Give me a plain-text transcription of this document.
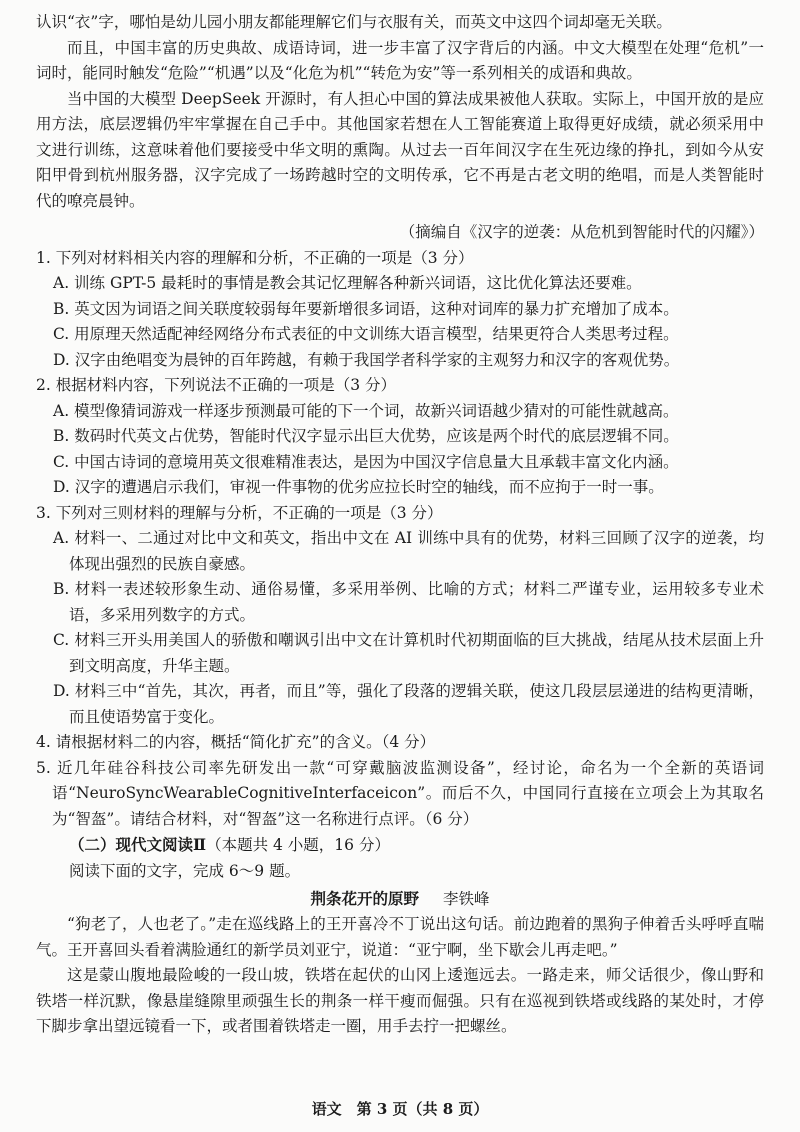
认识“衣”字，哪怕是幼儿园小朋友都能理解它们与衣服有关，而英文中这四个词却毫无关联。

而且，中国丰富的历史典故、成语诗词，进一步丰富了汉字背后的内涵。中文大模型在处理“危机”一词时，能同时触发“危险”“机遇”以及“化危为机”“转危为安”等一系列相关的成语和典故。

当中国的大模型 DeepSeek 开源时，有人担心中国的算法成果被他人获取。实际上，中国开放的是应用方法，底层逻辑仍牢牢掌握在自己手中。其他国家若想在人工智能赛道上取得更好成绩，就必须采用中文进行训练，这意味着他们要接受中华文明的熏陶。从过去一百年间汉字在生死边缘的挣扎，到如今从安阳甲骨到杭州服务器，汉字完成了一场跨越时空的文明传承，它不再是古老文明的绝唱，而是人类智能时代的嘹亮晨钟。

（摘编自《汉字的逆袭：从危机到智能时代的闪耀》）

1. 下列对材料相关内容的理解和分析，不正确的一项是（3 分）

A. 训练 GPT-5 最耗时的事情是教会其记忆理解各种新兴词语，这比优化算法还要难。

B. 英文因为词语之间关联度较弱每年要新增很多词语，这种对词库的暴力扩充增加了成本。

C. 用原理天然适配神经网络分布式表征的中文训练大语言模型，结果更符合人类思考过程。

D. 汉字由绝唱变为晨钟的百年跨越，有赖于我国学者科学家的主观努力和汉字的客观优势。

2. 根据材料内容，下列说法不正确的一项是（3 分）

A. 模型像猜词游戏一样逐步预测最可能的下一个词，故新兴词语越少猜对的可能性就越高。

B. 数码时代英文占优势，智能时代汉字显示出巨大优势，应该是两个时代的底层逻辑不同。

C. 中国古诗词的意境用英文很难精准表达，是因为中国汉字信息量大且承载丰富文化内涵。

D. 汉字的遭遇启示我们，审视一件事物的优劣应拉长时空的轴线，而不应拘于一时一事。

3. 下列对三则材料的理解与分析，不正确的一项是（3 分）

A. 材料一、二通过对比中文和英文，指出中文在 AI 训练中具有的优势，材料三回顾了汉字的逆袭，均体现出强烈的民族自豪感。

B. 材料一表述较形象生动、通俗易懂，多采用举例、比喻的方式；材料二严谨专业，运用较多专业术语，多采用列数字的方式。

C. 材料三开头用美国人的骄傲和嘲讽引出中文在计算机时代初期面临的巨大挑战，结尾从技术层面上升到文明高度，升华主题。

D. 材料三中“首先，其次，再者，而且”等，强化了段落的逻辑关联，使这几段层层递进的结构更清晰，而且使语势富于变化。

4. 请根据材料二的内容，概括“简化扩充”的含义。（4 分）

5. 近几年硅谷科技公司率先研发出一款“可穿戴脑波监测设备”，经讨论，命名为一个全新的英语词语“NeuroSyncWearableCognitiveInterfaceicon”。而后不久，中国同行直接在立项会上为其取名为“智盔”。请结合材料，对“智盔”这一名称进行点评。（6 分）

（二）现代文阅读Ⅱ（本题共 4 小题，16 分）

阅读下面的文字，完成 6～9 题。

荆条花开的原野 李铁峰

“狗老了，人也老了。”走在巡线路上的王开喜冷不丁说出这句话。前边跑着的黑狗子伸着舌头呼呼直喘气。王开喜回头看着满脸通红的新学员刘亚宁，说道：“亚宁啊，坐下歇会儿再走吧。”

这是蒙山腹地最险峻的一段山坡，铁塔在起伏的山冈上逶迤远去。一路走来，师父话很少，像山野和铁塔一样沉默，像悬崖缝隙里顽强生长的荆条一样干瘦而倔强。只有在巡视到铁塔或线路的某处时，才停下脚步拿出望远镜看一下，或者围着铁塔走一圈，用手去拧一把螺丝。

语文　第 3 页（共 8 页）
